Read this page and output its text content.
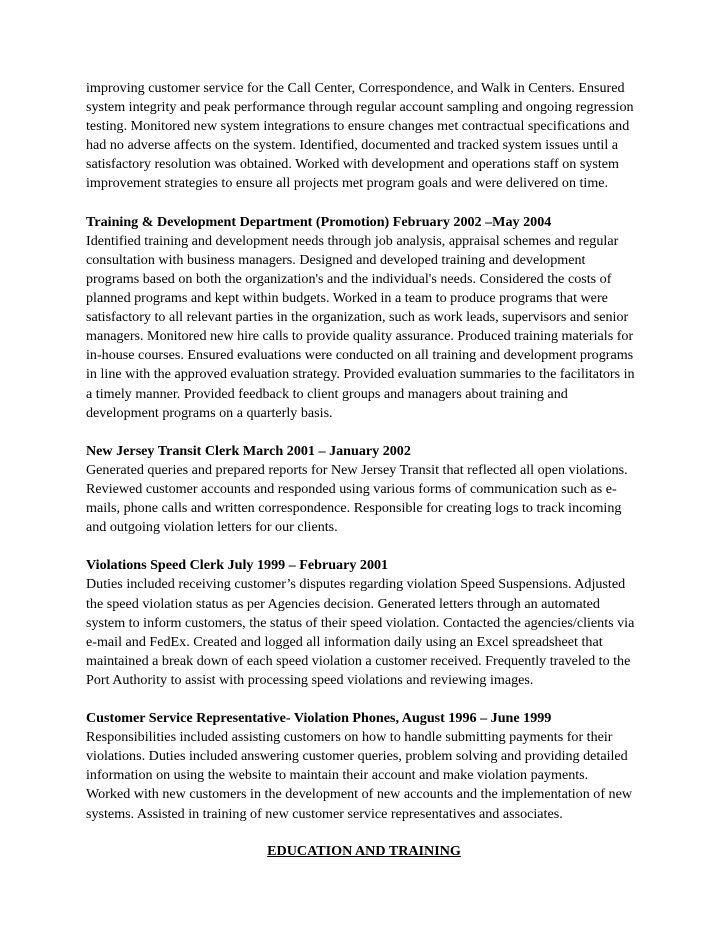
improving customer service for the Call Center, Correspondence, and Walk in Centers. Ensured
system integrity and peak performance through regular account sampling and ongoing regression
testing. Monitored new system integrations to ensure changes met contractual specifications and
had no adverse affects on the system. Identified, documented and tracked system issues until a
satisfactory resolution was obtained. Worked with development and operations staff on system
improvement strategies to ensure all projects met program goals and were delivered on time.
Training & Development Department (Promotion) February 2002 –May 2004
Identified training and development needs through job analysis, appraisal schemes and regular
consultation with business managers. Designed and developed training and development
programs based on both the organization's and the individual's needs. Considered the costs of
planned programs and kept within budgets. Worked in a team to produce programs that were
satisfactory to all relevant parties in the organization, such as work leads, supervisors and senior
managers. Monitored new hire calls to provide quality assurance. Produced training materials for
in-house courses. Ensured evaluations were conducted on all training and development programs
in line with the approved evaluation strategy. Provided evaluation summaries to the facilitators in
a timely manner. Provided feedback to client groups and managers about training and
development programs on a quarterly basis.
New Jersey Transit Clerk March 2001 – January 2002
Generated queries and prepared reports for New Jersey Transit that reflected all open violations.
Reviewed customer accounts and responded using various forms of communication such as e-
mails, phone calls and written correspondence. Responsible for creating logs to track incoming
and outgoing violation letters for our clients.
Violations Speed Clerk July 1999 – February 2001
Duties included receiving customer’s disputes regarding violation Speed Suspensions. Adjusted
the speed violation status as per Agencies decision. Generated letters through an automated
system to inform customers, the status of their speed violation. Contacted the agencies/clients via
e-mail and FedEx. Created and logged all information daily using an Excel spreadsheet that
maintained a break down of each speed violation a customer received. Frequently traveled to the
Port Authority to assist with processing speed violations and reviewing images.
Customer Service Representative- Violation Phones, August 1996 – June 1999
Responsibilities included assisting customers on how to handle submitting payments for their
violations. Duties included answering customer queries, problem solving and providing detailed
information on using the website to maintain their account and make violation payments.
Worked with new customers in the development of new accounts and the implementation of new
systems. Assisted in training of new customer service representatives and associates.
EDUCATION AND TRAINING
